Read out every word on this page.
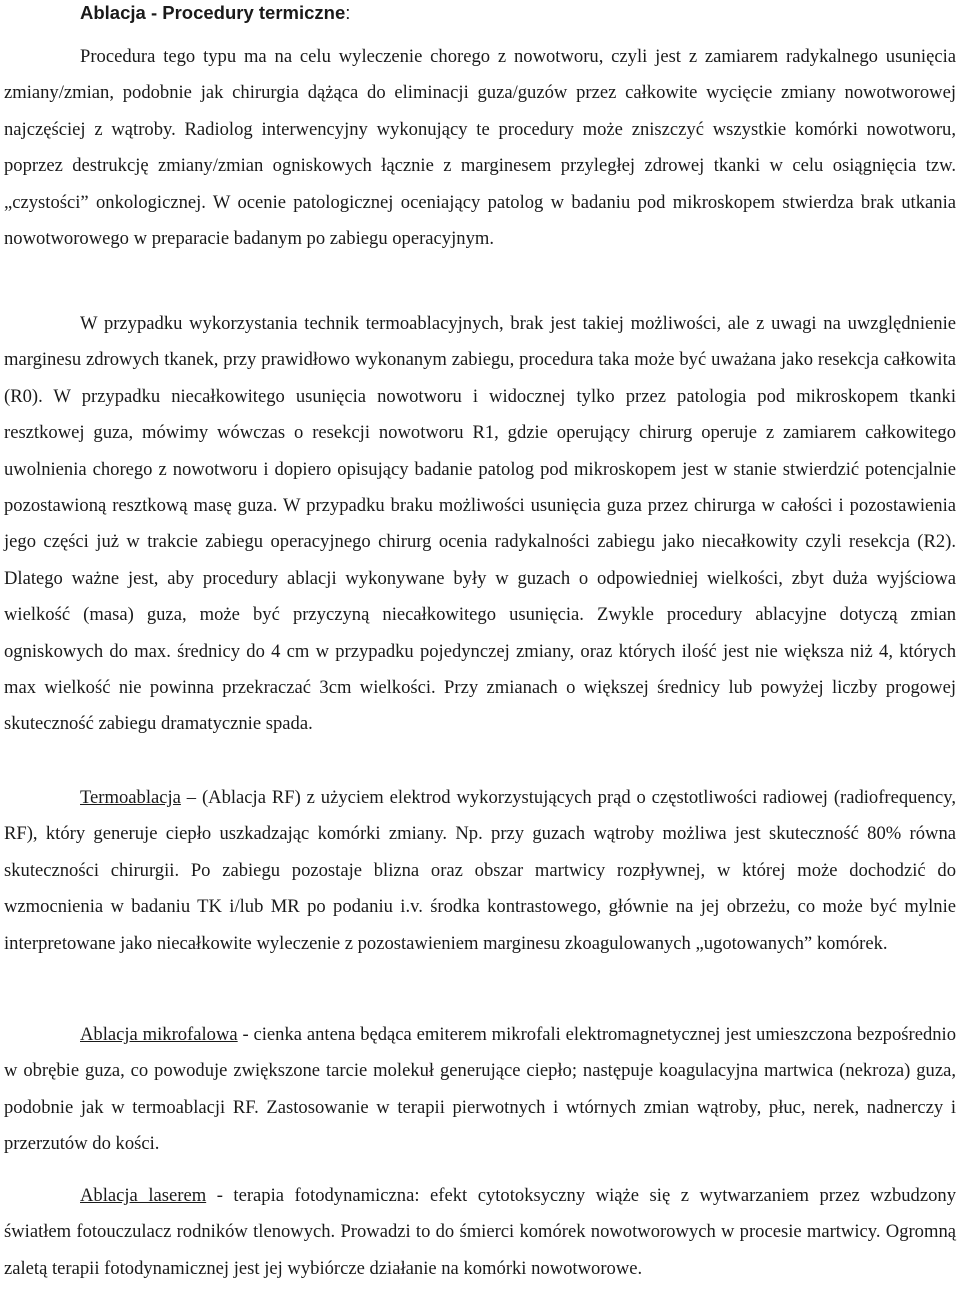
Ablacja - Procedury termiczne:

Procedura tego typu ma na celu wyleczenie chorego z nowotworu, czyli jest z zamiarem radykalnego usunięcia zmiany/zmian, podobnie jak chirurgia dążąca do eliminacji guza/guzów przez całkowite wycięcie zmiany nowotworowej najczęściej z wątroby. Radiolog interwencyjny wykonujący te procedury może zniszczyć wszystkie komórki nowotworu, poprzez destrukcję zmiany/zmian ogniskowych łącznie z marginesem przyległej zdrowej tkanki w celu osiągnięcia tzw. „czystości” onkologicznej. W ocenie patologicznej oceniający patolog w badaniu pod mikroskopem stwierdza brak utkania nowotworowego w preparacie badanym po zabiegu operacyjnym.

W przypadku wykorzystania technik termoablacyjnych, brak jest takiej możliwości, ale z uwagi na uwzględnienie marginesu zdrowych tkanek, przy prawidłowo wykonanym zabiegu, procedura taka może być uważana jako resekcja całkowita (R0). W przypadku niecałkowitego usunięcia nowotworu i widocznej tylko przez patologia pod mikroskopem tkanki resztkowej guza, mówimy wówczas o resekcji nowotworu R1, gdzie operujący chirurg operuje z zamiarem całkowitego uwolnienia chorego z nowotworu i dopiero opisujący badanie patolog pod mikroskopem jest w stanie stwierdzić potencjalnie pozostawioną resztkową masę guza. W przypadku braku możliwości usunięcia guza przez chirurga w całości i pozostawienia jego części już w trakcie zabiegu operacyjnego chirurg ocenia radykalności zabiegu jako niecałkowity czyli resekcja (R2). Dlatego ważne jest, aby procedury ablacji wykonywane były w guzach o odpowiedniej wielkości, zbyt duża wyjściowa wielkość (masa) guza, może być przyczyną niecałkowitego usunięcia. Zwykle procedury ablacyjne dotyczą zmian ogniskowych do max. średnicy do 4 cm w przypadku pojedynczej zmiany, oraz których ilość jest nie większa niż 4, których max wielkość nie powinna przekraczać 3cm wielkości. Przy zmianach o większej średnicy lub powyżej liczby progowej skuteczność zabiegu dramatycznie spada.

Termoablacja – (Ablacja RF) z użyciem elektrod wykorzystujących prąd o częstotliwości radiowej (radiofrequency, RF), który generuje ciepło uszkadzając komórki zmiany. Np. przy guzach wątroby możliwa jest skuteczność 80% równa skuteczności chirurgii. Po zabiegu pozostaje blizna oraz obszar martwicy rozpływnej, w której może dochodzić do wzmocnienia w badaniu TK i/lub MR po podaniu i.v. środka kontrastowego, głównie na jej obrzeżu, co może być mylnie interpretowane jako niecałkowite wyleczenie z pozostawieniem marginesu zkoagulowanych „ugotowanych” komórek.

Ablacja mikrofalowa - cienka antena będąca emiterem mikrofali elektromagnetycznej jest umieszczona bezpośrednio w obrębie guza, co powoduje zwiększone tarcie molekuł generujące ciepło; następuje koagulacyjna martwica (nekroza) guza, podobnie jak w termoablacji RF. Zastosowanie w terapii pierwotnych i wtórnych zmian wątroby, płuc, nerek, nadnerczy i przerzutów do kości.

Ablacja laserem - terapia fotodynamiczna: efekt cytotoksyczny wiąże się z wytwarzaniem przez wzbudzony światłem fotouczulacz rodników tlenowych. Prowadzi to do śmierci komórek nowotworowych w procesie martwicy. Ogromną zaletą terapii fotodynamicznej jest jej wybiórcze działanie na komórki nowotworowe.
